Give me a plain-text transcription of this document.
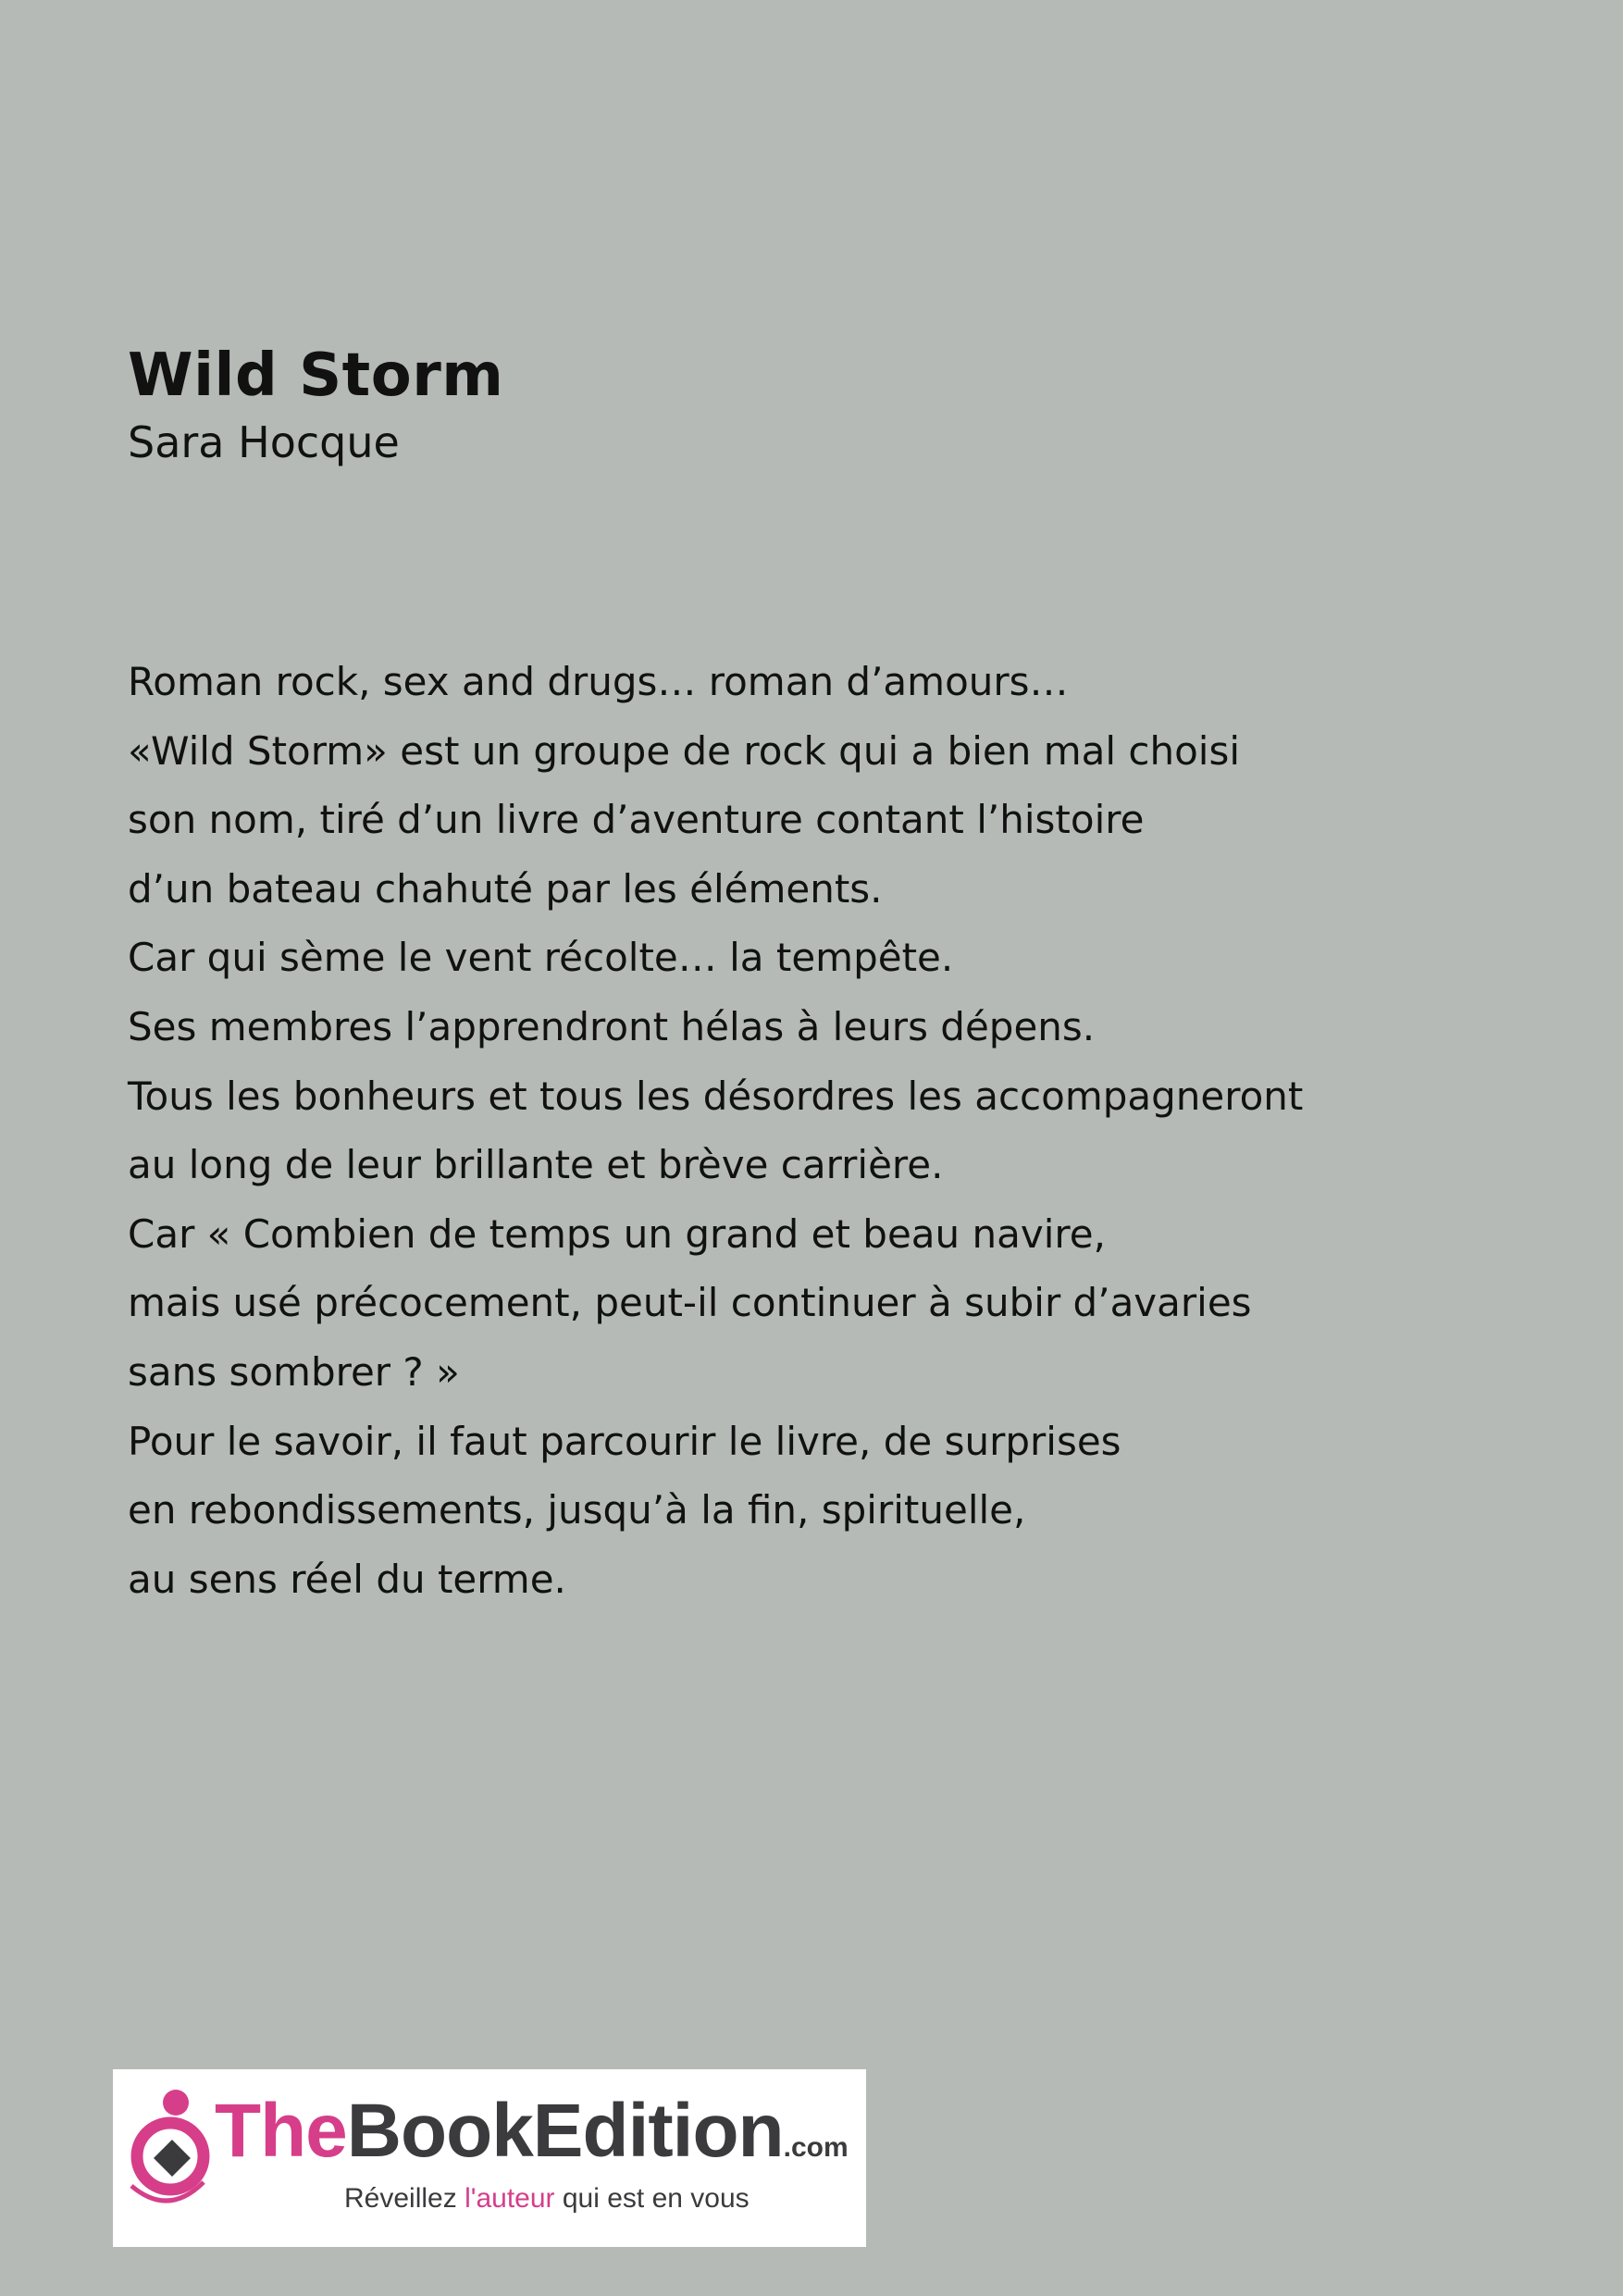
Wild Storm
Sara Hocque
Roman rock, sex and drugs… roman d’amours…
«Wild Storm» est un groupe de rock qui a bien mal choisi
son nom, tiré d’un livre d’aventure contant l’histoire
d’un bateau chahuté par les éléments.
Car qui sème le vent récolte… la tempête.
Ses membres l’apprendront hélas à leurs dépens.
Tous les bonheurs et tous les désordres les accompagneront
au long de leur brillante et brève carrière.
Car « Combien de temps un grand et beau navire,
mais usé précocement, peut-il continuer à subir d’avaries
sans sombrer ? »
Pour le savoir, il faut parcourir le livre, de surprises
en rebondissements, jusqu’à la fin, spirituelle,
au sens réel du terme.
TheBookEdition.com
Réveillez l'auteur qui est en vous
